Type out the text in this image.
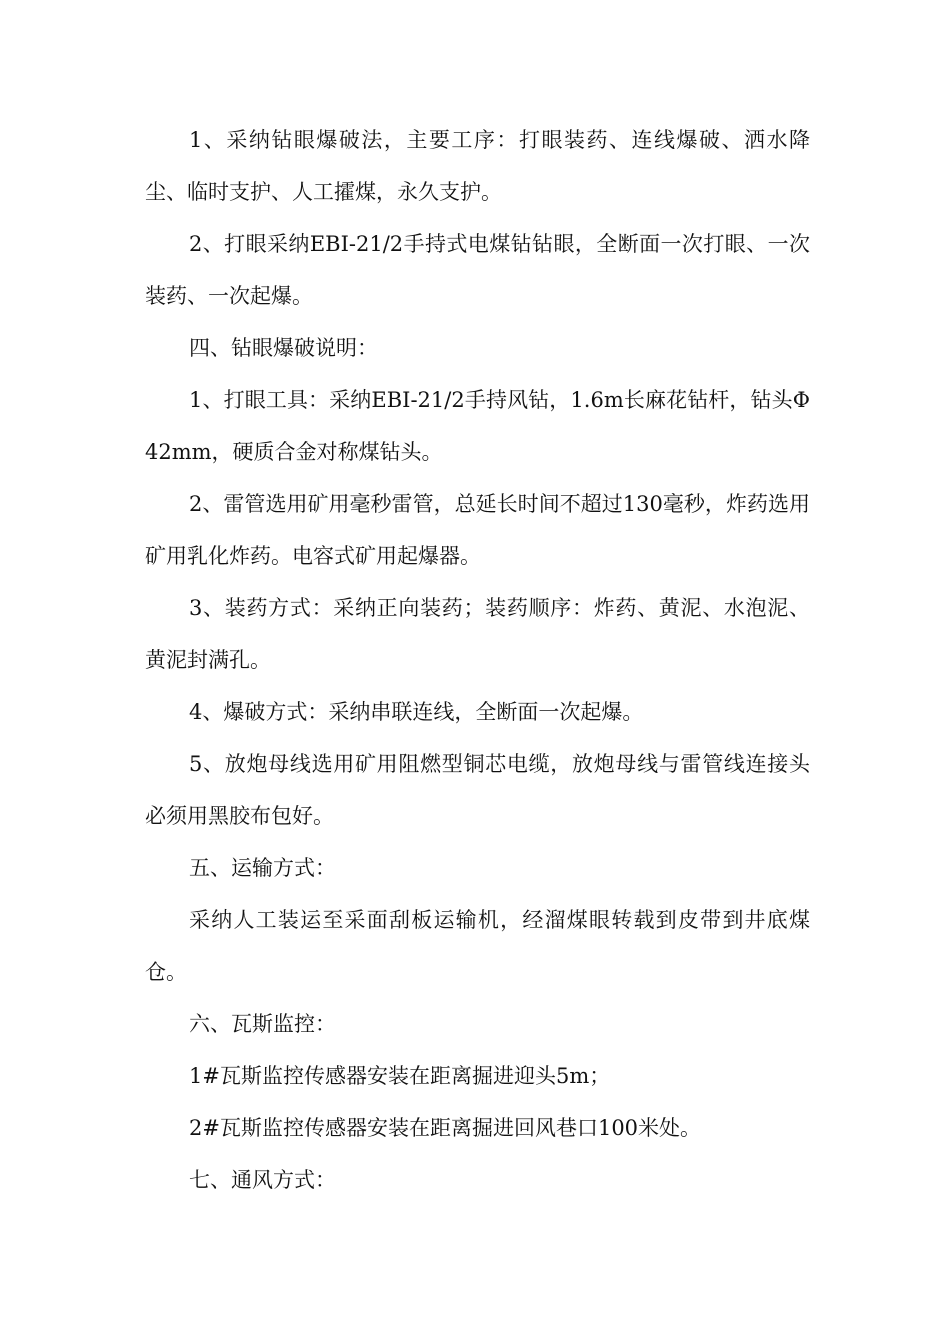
1、采纳钻眼爆破法，主要工序：打眼装药、连线爆破、洒水降尘、临时支护、人工攉煤，永久支护。

2、打眼采纳EBI-21/2手持式电煤钻钻眼，全断面一次打眼、一次装药、一次起爆。

四、钻眼爆破说明：

1、打眼工具：采纳EBI-21/2手持风钻，1.6m长麻花钻杆，钻头Φ42mm，硬质合金对称煤钻头。

2、雷管选用矿用毫秒雷管，总延长时间不超过130毫秒，炸药选用矿用乳化炸药。电容式矿用起爆器。

3、装药方式：采纳正向装药；装药顺序：炸药、黄泥、水泡泥、黄泥封满孔。

4、爆破方式：采纳串联连线，全断面一次起爆。

5、放炮母线选用矿用阻燃型铜芯电缆，放炮母线与雷管线连接头必须用黑胶布包好。

五、运输方式：

采纳人工装运至采面刮板运输机，经溜煤眼转载到皮带到井底煤仓。

六、瓦斯监控：

1#瓦斯监控传感器安装在距离掘进迎头5m；

2#瓦斯监控传感器安装在距离掘进回风巷口100米处。

七、通风方式：
